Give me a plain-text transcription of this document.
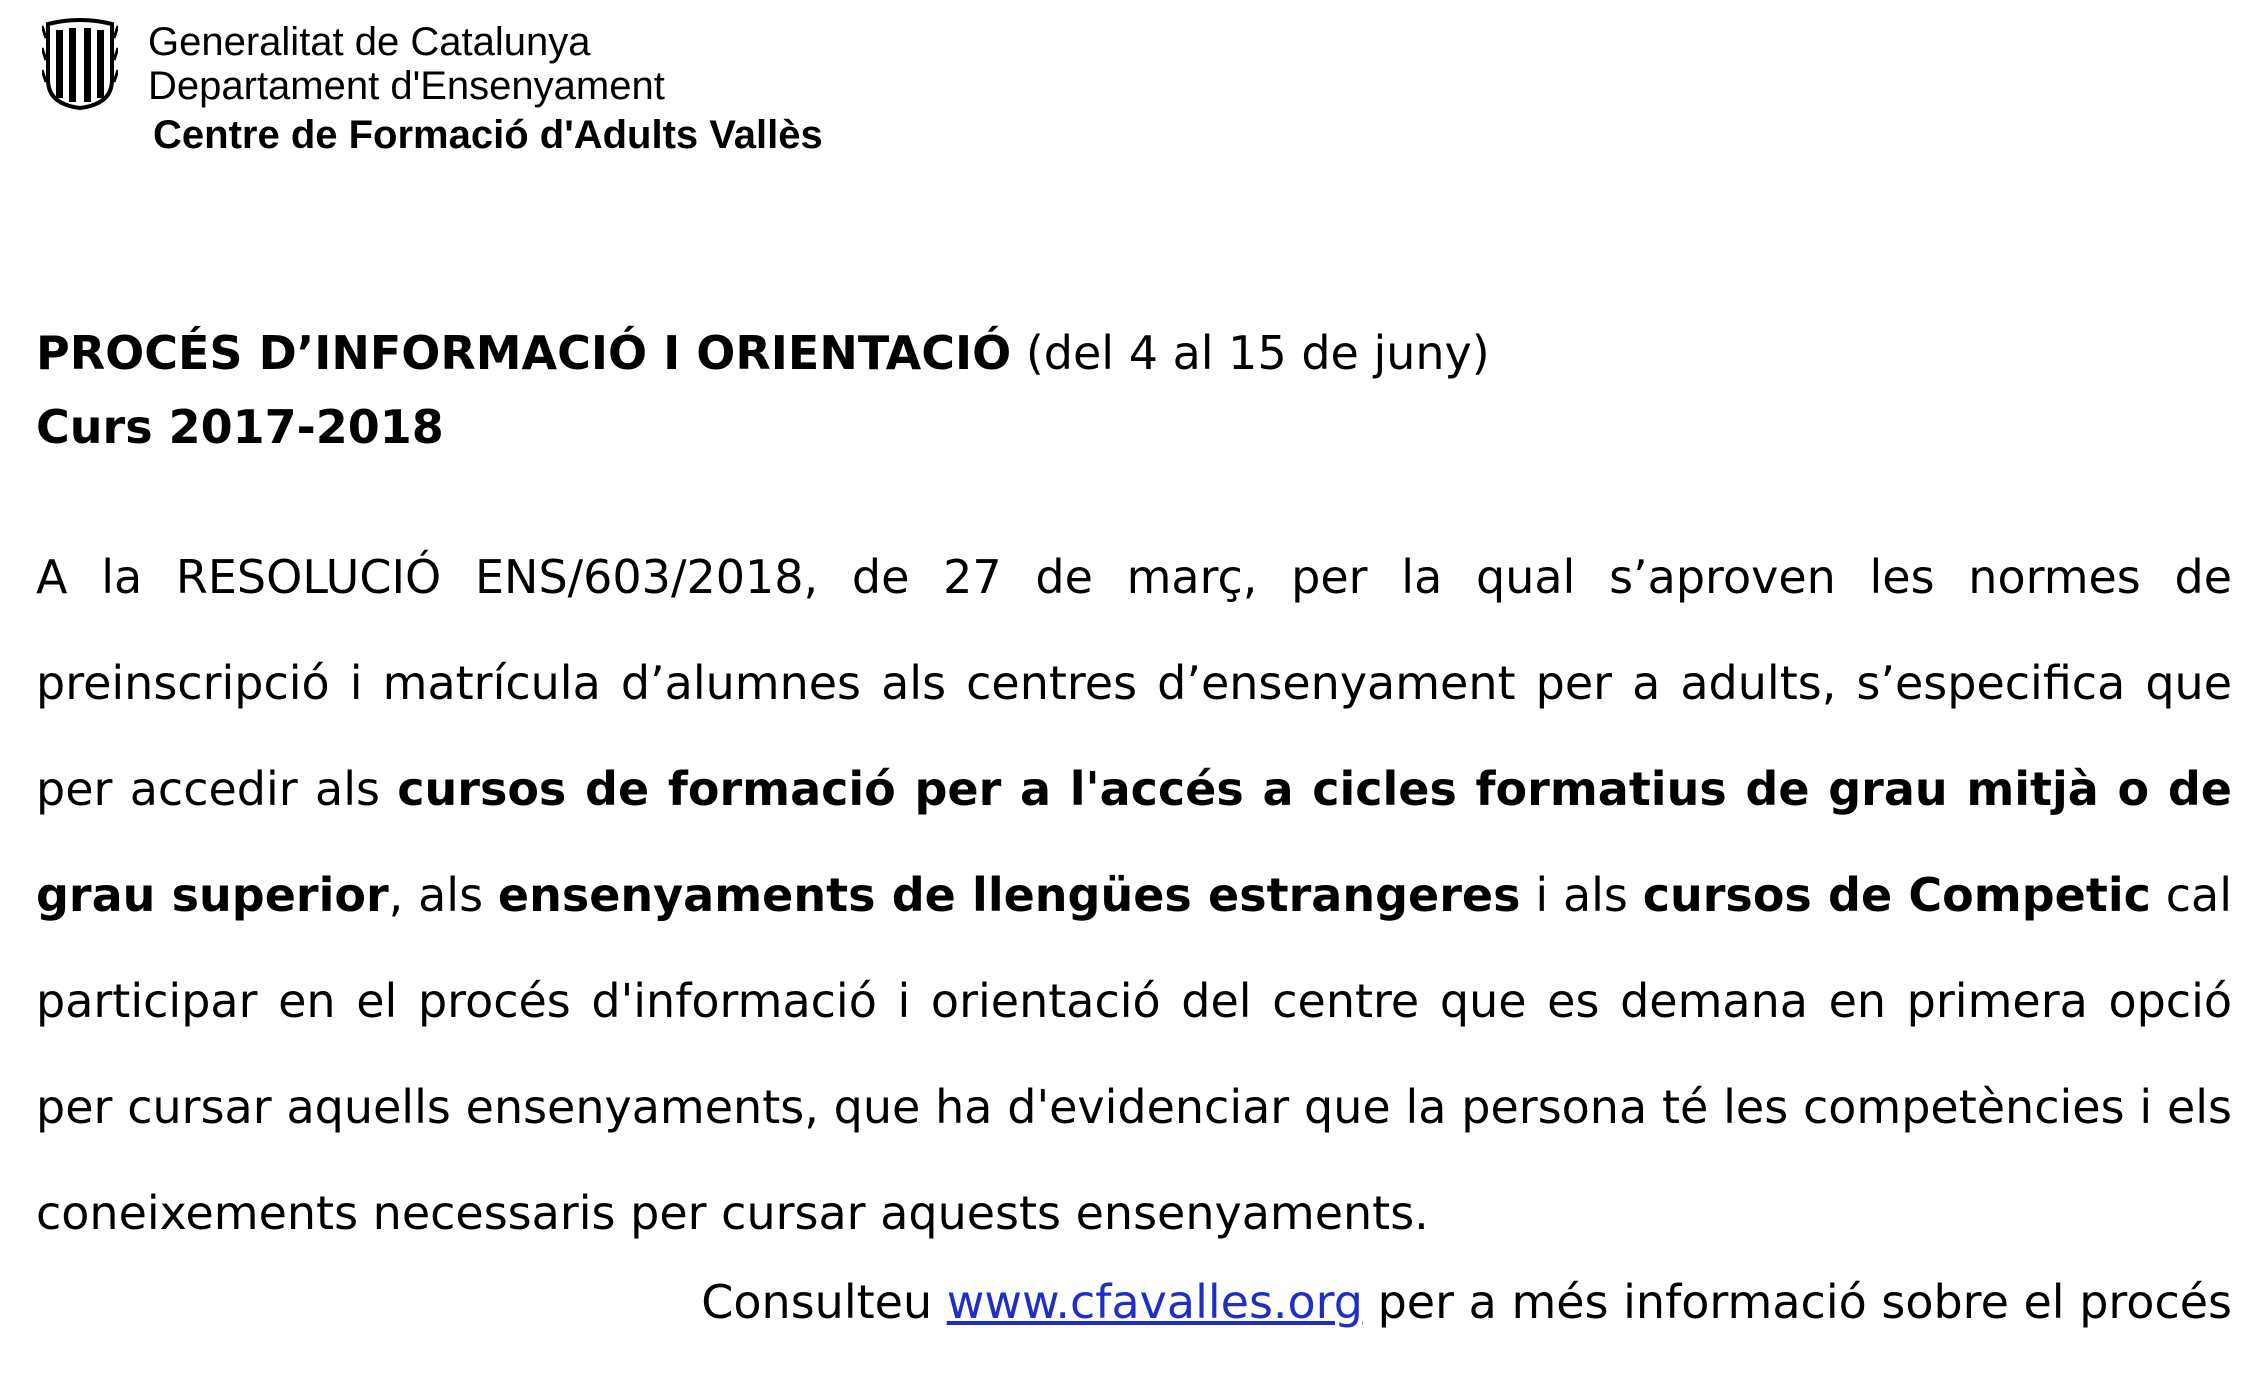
Generalitat de Catalunya
Departament d'Ensenyament
Centre de Formació d'Adults Vallès
PROCÉS D’INFORMACIÓ I ORIENTACIÓ (del 4 al 15 de juny)
Curs 2017-2018

A la RESOLUCIÓ ENS/603/2018, de 27 de març, per la qual s’aproven les normes de preinscripció i matrícula d’alumnes als centres d’ensenyament per a adults, s’especifica que per accedir als cursos de formació per a l'accés a cicles formatius de grau mitjà o de grau superior, als ensenyaments de llengües estrangeres i als cursos de Competic cal participar en el procés d'informació i orientació del centre que es demana en primera opció per cursar aquells ensenyaments, que ha d'evidenciar que la persona té les competències i els coneixements necessaris per cursar aquests ensenyaments.

Consulteu www.cfavalles.org per a més informació sobre el procés
